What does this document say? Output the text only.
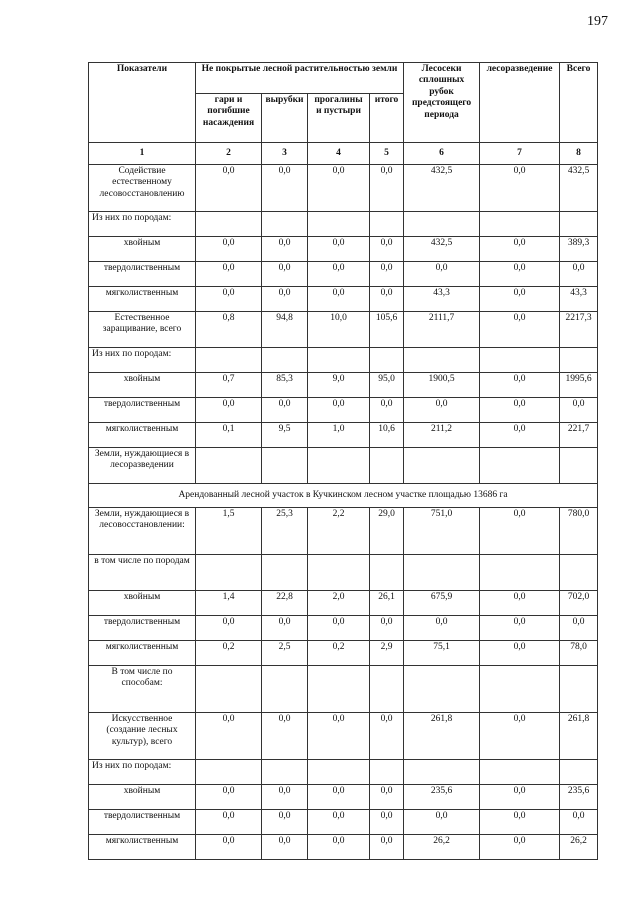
197
Показатели	Не покрытые лесной растительностью земли				Лесосеки сплошных рубок предстоящего периода	лесоразведение	Всего
	гари и погибшие насаждения	вырубки	прогалины и пустыри	итого			
1	2	3	4	5	6	7	8
Содействие естественному лесовосстановлению	0,0	0,0	0,0	0,0	432,5	0,0	432,5
Из них по породам:							
хвойным	0,0	0,0	0,0	0,0	432,5	0,0	389,3
твердолиственным	0,0	0,0	0,0	0,0	0,0	0,0	0,0
мягколиственным	0,0	0,0	0,0	0,0	43,3	0,0	43,3
Естественное заращивание, всего	0,8	94,8	10,0	105,6	2111,7	0,0	2217,3
Из них по породам:							
хвойным	0,7	85,3	9,0	95,0	1900,5	0,0	1995,6
твердолиственным	0,0	0,0	0,0	0,0	0,0	0,0	0,0
мягколиственным	0,1	9,5	1,0	10,6	211,2	0,0	221,7
Земли, нуждающиеся в лесоразведении							
Арендованный лесной участок в Кучкинском лесном участке площадью 13686 га							
Земли, нуждающиеся в лесовосстановлении:	1,5	25,3	2,2	29,0	751,0	0,0	780,0
в том числе по породам							
хвойным	1,4	22,8	2,0	26,1	675,9	0,0	702,0
твердолиственным	0,0	0,0	0,0	0,0	0,0	0,0	0,0
мягколиственным	0,2	2,5	0,2	2,9	75,1	0,0	78,0
В том числе по способам:							
Искусственное (создание лесных культур), всего	0,0	0,0	0,0	0,0	261,8	0,0	261,8
Из них по породам:							
хвойным	0,0	0,0	0,0	0,0	235,6	0,0	235,6
твердолиственным	0,0	0,0	0,0	0,0	0,0	0,0	0,0
мягколиственным	0,0	0,0	0,0	0,0	26,2	0,0	26,2
